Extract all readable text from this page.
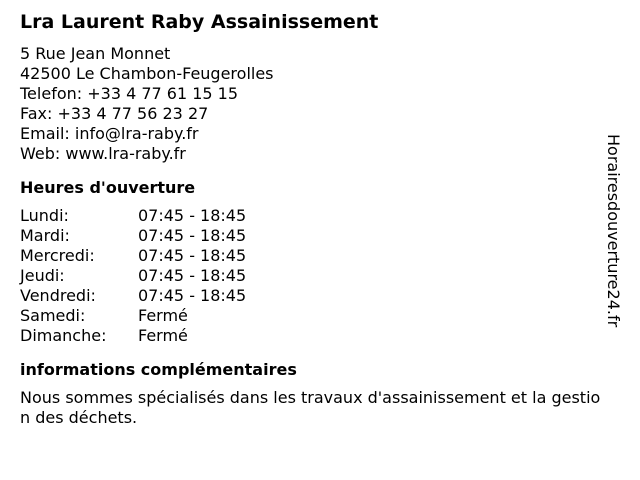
Lra Laurent Raby Assainissement
5 Rue Jean Monnet
42500 Le Chambon-Feugerolles
Telefon: +33 4 77 61 15 15
Fax: +33 4 77 56 23 27
Email: info@lra-raby.fr
Web: www.lra-raby.fr
Heures d'ouverture
Lundi:	07:45 - 18:45
Mardi:	07:45 - 18:45
Mercredi:	07:45 - 18:45
Jeudi:	07:45 - 18:45
Vendredi:	07:45 - 18:45
Samedi:	Fermé
Dimanche:	Fermé
informations complémentaires

Nous sommes spécialisés dans les travaux d'assainissement et la gestion des déchets.

Horairesdouverture24.fr
